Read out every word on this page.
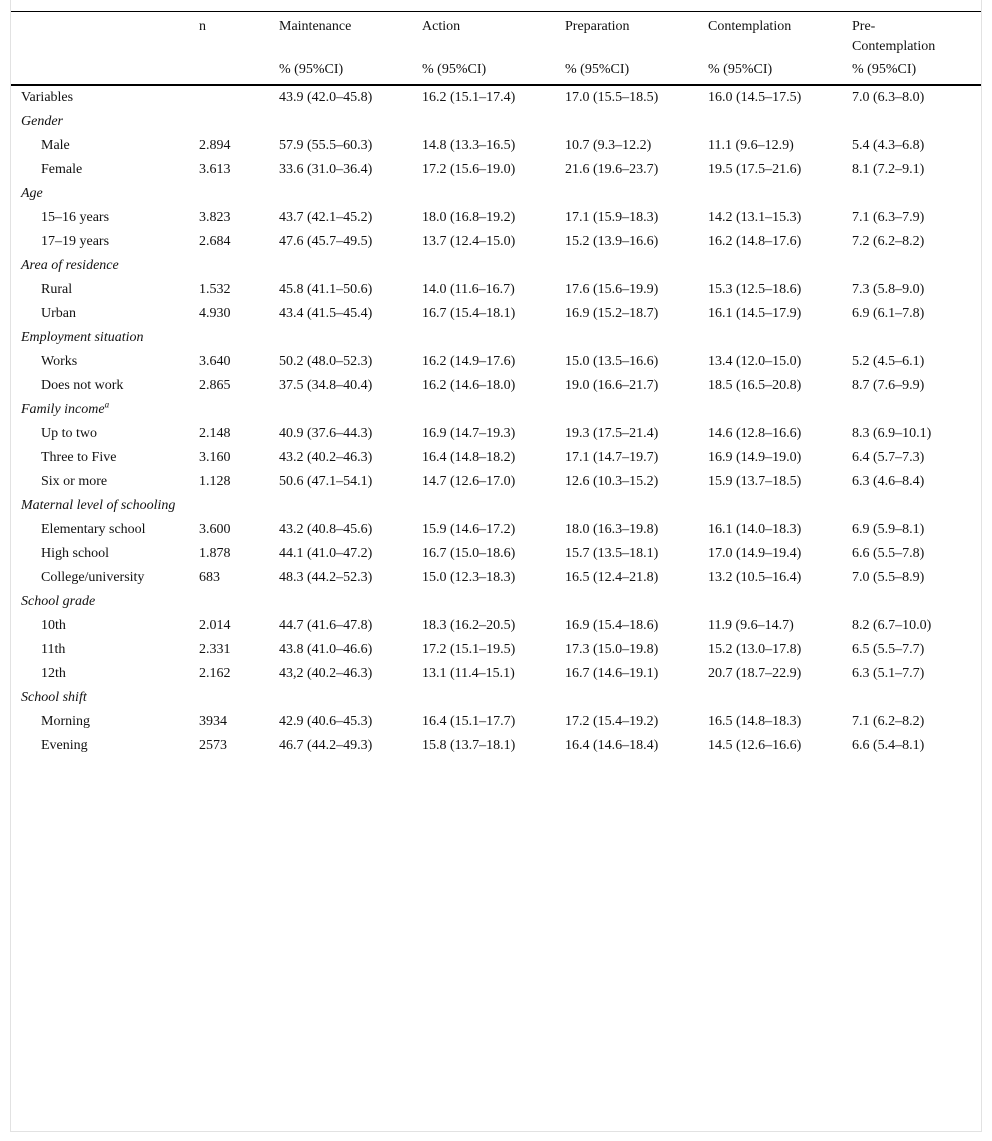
	n	Maintenance	Action	Preparation	Contemplation	Pre-
Contemplation
		% (95%CI)	% (95%CI)	% (95%CI)	% (95%CI)	% (95%CI)
Variables		43.9 (42.0–45.8)	16.2 (15.1–17.4)	17.0 (15.5–18.5)	16.0 (14.5–17.5)	7.0 (6.3–8.0)
Gender						
Male	2.894	57.9 (55.5–60.3)	14.8 (13.3–16.5)	10.7 (9.3–12.2)	11.1 (9.6–12.9)	5.4 (4.3–6.8)
Female	3.613	33.6 (31.0–36.4)	17.2 (15.6–19.0)	21.6 (19.6–23.7)	19.5 (17.5–21.6)	8.1 (7.2–9.1)
Age						
15–16 years	3.823	43.7 (42.1–45.2)	18.0 (16.8–19.2)	17.1 (15.9–18.3)	14.2 (13.1–15.3)	7.1 (6.3–7.9)
17–19 years	2.684	47.6 (45.7–49.5)	13.7 (12.4–15.0)	15.2 (13.9–16.6)	16.2 (14.8–17.6)	7.2 (6.2–8.2)
Area of residence						
Rural	1.532	45.8 (41.1–50.6)	14.0 (11.6–16.7)	17.6 (15.6–19.9)	15.3 (12.5–18.6)	7.3 (5.8–9.0)
Urban	4.930	43.4 (41.5–45.4)	16.7 (15.4–18.1)	16.9 (15.2–18.7)	16.1 (14.5–17.9)	6.9 (6.1–7.8)
Employment situation						
Works	3.640	50.2 (48.0–52.3)	16.2 (14.9–17.6)	15.0 (13.5–16.6)	13.4 (12.0–15.0)	5.2 (4.5–6.1)
Does not work	2.865	37.5 (34.8–40.4)	16.2 (14.6–18.0)	19.0 (16.6–21.7)	18.5 (16.5–20.8)	8.7 (7.6–9.9)
Family income$^a$
Up to two	2.148	40.9 (37.6–44.3)	16.9 (14.7–19.3)	19.3 (17.5–21.4)	14.6 (12.8–16.6)	8.3 (6.9–10.1)
Three to Five	3.160	43.2 (40.2–46.3)	16.4 (14.8–18.2)	17.1 (14.7–19.7)	16.9 (14.9–19.0)	6.4 (5.7–7.3)
Six or more	1.128	50.6 (47.1–54.1)	14.7 (12.6–17.0)	12.6 (10.3–15.2)	15.9 (13.7–18.5)	6.3 (4.6–8.4)
Maternal level of schooling						
Elementary school	3.600	43.2 (40.8–45.6)	15.9 (14.6–17.2)	18.0 (16.3–19.8)	16.1 (14.0–18.3)	6.9 (5.9–8.1)
High school	1.878	44.1 (41.0–47.2)	16.7 (15.0–18.6)	15.7 (13.5–18.1)	17.0 (14.9–19.4)	6.6 (5.5–7.8)
College/university	683	48.3 (44.2–52.3)	15.0 (12.3–18.3)	16.5 (12.4–21.8)	13.2 (10.5–16.4)	7.0 (5.5–8.9)
School grade						
10th	2.014	44.7 (41.6–47.8)	18.3 (16.2–20.5)	16.9 (15.4–18.6)	11.9 (9.6–14.7)	8.2 (6.7–10.0)
11th	2.331	43.8 (41.0–46.6)	17.2 (15.1–19.5)	17.3 (15.0–19.8)	15.2 (13.0–17.8)	6.5 (5.5–7.7)
12th	2.162	43,2 (40.2–46.3)	13.1 (11.4–15.1)	16.7 (14.6–19.1)	20.7 (18.7–22.9)	6.3 (5.1–7.7)
School shift						
Morning	3934	42.9 (40.6–45.3)	16.4 (15.1–17.7)	17.2 (15.4–19.2)	16.5 (14.8–18.3)	7.1 (6.2–8.2)
Evening	2573	46.7 (44.2–49.3)	15.8 (13.7–18.1)	16.4 (14.6–18.4)	14.5 (12.6–16.6)	6.6 (5.4–8.1)
